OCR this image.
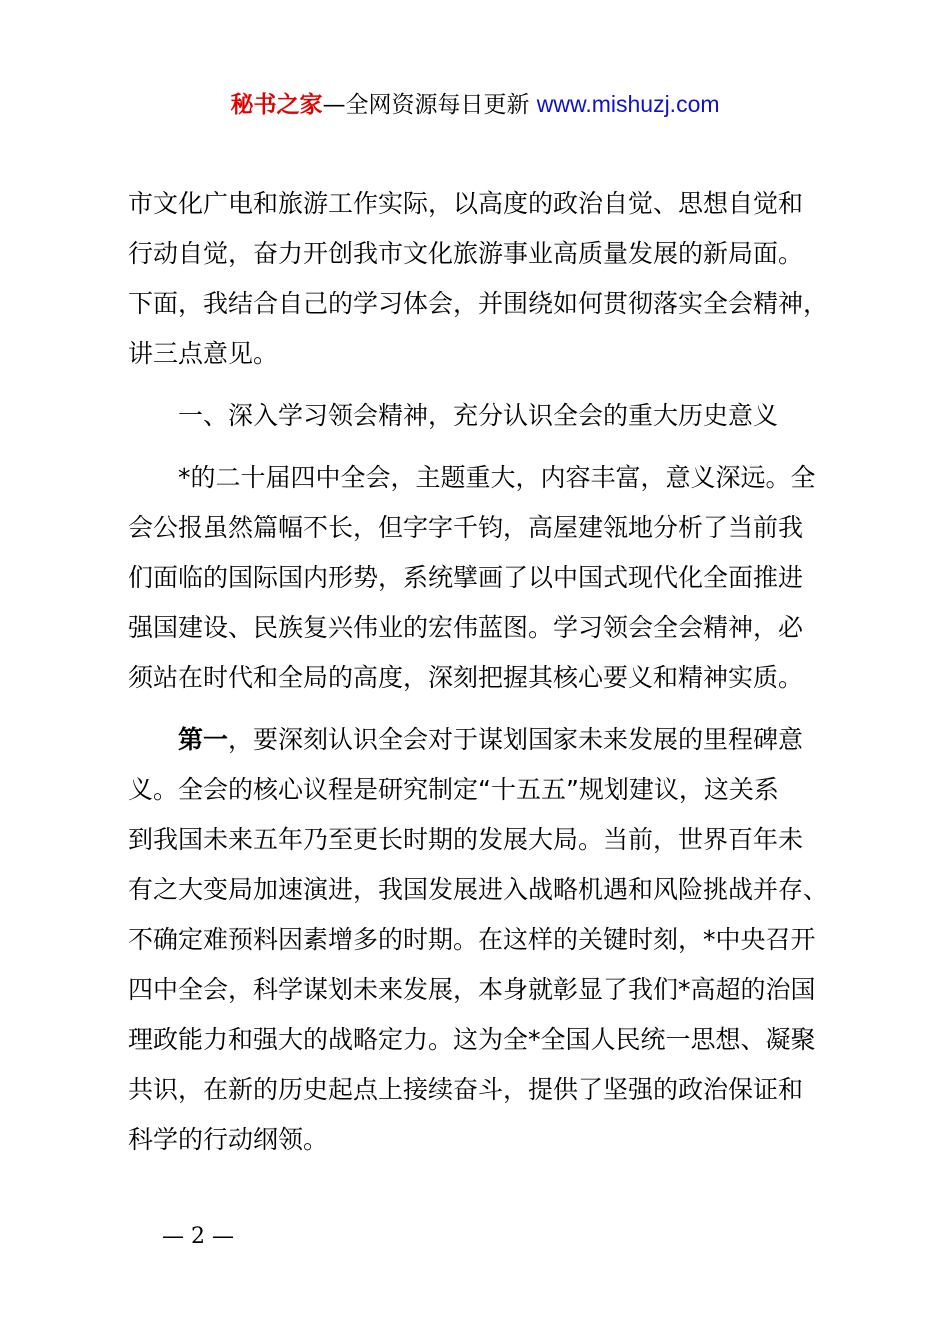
秘书之家—全网资源每日更新 www.mishuzj.com
市文化广电和旅游工作实际，以高度的政治自觉、思想自觉和
行动自觉，奋力开创我市文化旅游事业高质量发展的新局面。
下面，我结合自己的学习体会，并围绕如何贯彻落实全会精神，
讲三点意见。
　　一、深入学习领会精神，充分认识全会的重大历史意义
　　*的二十届四中全会，主题重大，内容丰富，意义深远。全
会公报虽然篇幅不长，但字字千钧，高屋建瓴地分析了当前我
们面临的国际国内形势，系统擘画了以中国式现代化全面推进
强国建设、民族复兴伟业的宏伟蓝图。学习领会全会精神，必
须站在时代和全局的高度，深刻把握其核心要义和精神实质。
　　第一，要深刻认识全会对于谋划国家未来发展的里程碑意
义。全会的核心议程是研究制定“十五五”规划建议，这关系
到我国未来五年乃至更长时期的发展大局。当前，世界百年未
有之大变局加速演进，我国发展进入战略机遇和风险挑战并存、
不确定难预料因素增多的时期。在这样的关键时刻，*中央召开
四中全会，科学谋划未来发展，本身就彰显了我们*高超的治国
理政能力和强大的战略定力。这为全*全国人民统一思想、凝聚
共识，在新的历史起点上接续奋斗，提供了坚强的政治保证和
科学的行动纲领。
— 2 —
